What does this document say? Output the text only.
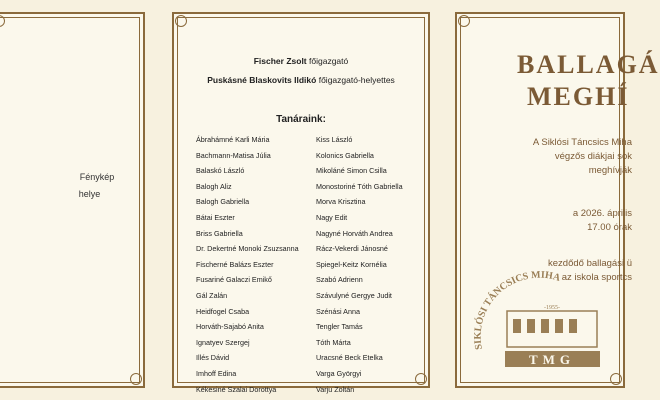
Fénykép
helye
Fischer Zsolt főigazgató
Puskásné Blaskovits Ildikó főigazgató-helyettes
Tanáraink:
Ábrahámné Karli Mária
Bachmann-Matisa Júlia
Balaskó László
Balogh Aliz
Balogh Gabriella
Bátai Eszter
Briss Gabriella
Dr. Dekertné Monoki Zsuzsanna
Fischerné Balázs Eszter
Fusariné Galaczi Emikő
Gál Zalán
Heidfogel Csaba
Horváth-Sajabó Anita
Ignatyev Szergej
Illés Dávid
Imhoff Edina
Kékesiné Szalai Dorottya
Kiss László
Kolonics Gabriella
Mikoláné Simon Csilla
Monostoriné Tóth Gabriella
Morva Krisztina
Nagy Edit
Nagyné Horváth Andrea
Rácz-Vekerdi Jánosné
Spiegel-Keitz Kornélia
Szabó Adrienn
Szávulyné Gergye Judit
Szénási Anna
Tengler Tamás
Tóth Márta
Uracsné Beck Etelka
Varga Györgyi
Varju Zoltán
BALLAGÁ
MEGHÍ
A Siklósi Táncsics Miha
végzős diákjai sok
meghívják
a 2026. április
17.00 órak
kezdődő ballagási ü
az iskola sportcs
SIKLÓSI TÁNCSICS MIHA
-1955-
TMG
